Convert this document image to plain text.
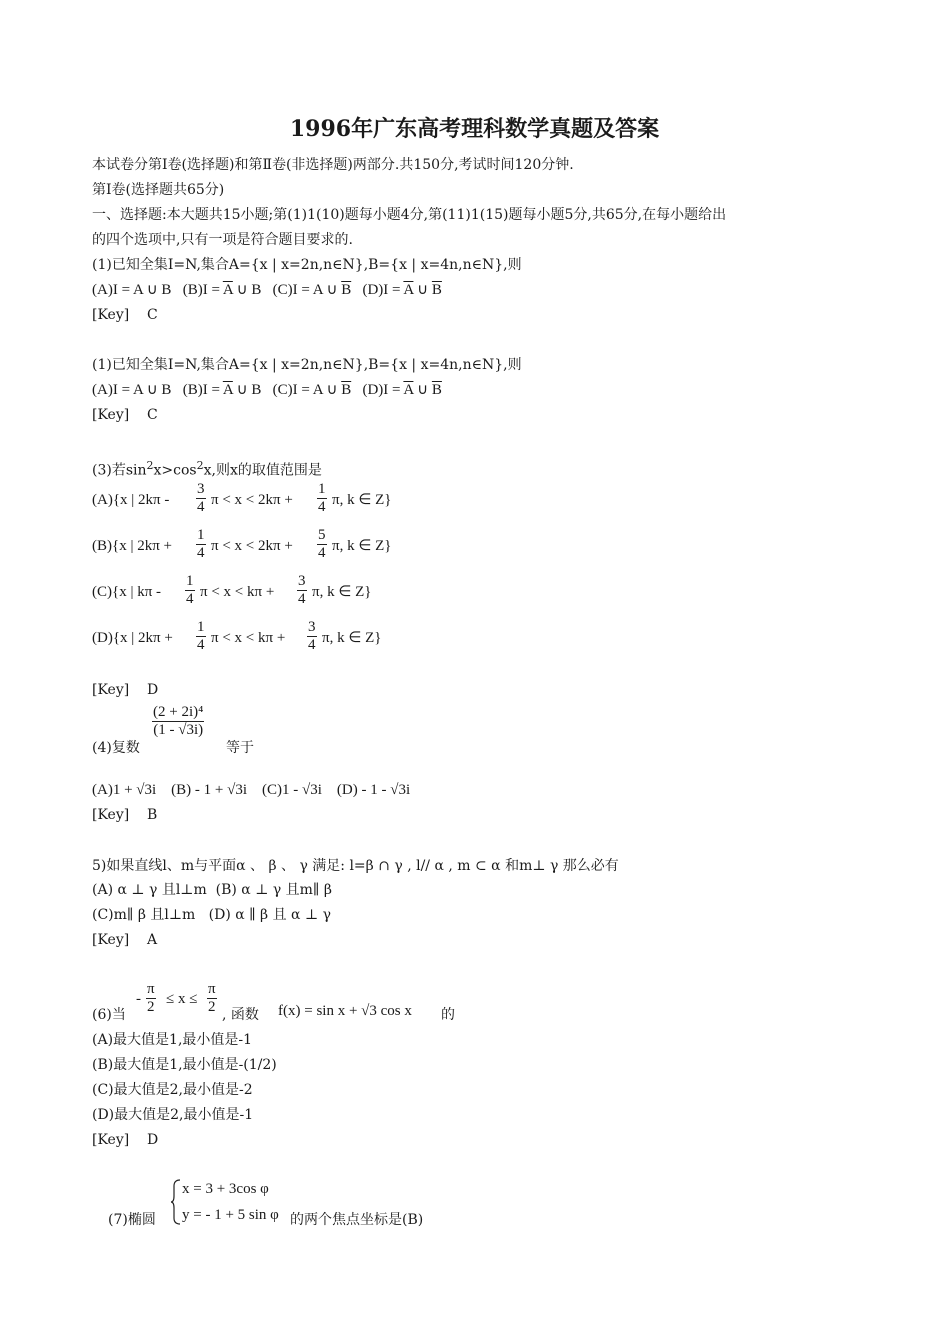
1996年广东高考理科数学真题及答案
本试卷分第Ⅰ卷(选择题)和第Ⅱ卷(非选择题)两部分.共150分,考试时间120分钟.
第Ⅰ卷(选择题共65分)
一、选择题:本大题共15小题;第(1)1(10)题每小题4分,第(11)1(15)题每小题5分,共65分,在每小题给出
的四个选项中,只有一项是符合题目要求的.
(1)已知全集I=N,集合A={x | x=2n,n∈N},B={x | x=4n,n∈N},则
(A)I = A ∪ B $(B)I = \overline{A}$ ∪ B (C)I = A ∪ $\overline{B}$ $(D)I = \overline{A}$ ∪ $\overline{B}$
[Key]    C
(1)已知全集I=N,集合A={x | x=2n,n∈N},B={x | x=4n,n∈N},则
(A)I = A ∪ B $(B)I = \overline{A}$ ∪ B (C)I = A ∪ $\overline{B}$ $(D)I = \overline{A}$ ∪ $\overline{B}$
[Key]    C
(3)若$\sin^2x>\cos^2x$,则x的取值范围是
(A){x | $2k\pi - \frac{3}{4}$ $\pi < x < 2k\pi + \frac{1}{4} \pi$, k ∈ Z}
(B){x | $2k\pi + \frac{1}{4}$ $\pi < x < 2k\pi + \frac{5}{4} \pi$, k ∈ Z}
(C){x | kπ - $\frac{1}{4}$ $\pi < x < k\pi + \frac{3}{4} \pi$, k ∈ Z}
(D){x | $2k\pi + \frac{1}{4}$ $\pi < x < k\pi + \frac{3}{4} \pi$, k ∈ Z}
[Key]    D
$\frac{\text{(2 + 2i)⁴}}{(1 - √3i)}$
(4)复数	等于
(A)1 + √3i    (B) - 1 + √3i    (C)1 - √3i    (D) - 1 - √3i
[Key]    B
5)如果直线l、m与平面α 、 β 、 γ 满足: l=β ∩ γ , l// α , m ⊂ α 和m⊥ γ 那么必有
(A) α ⊥ γ 且l⊥m  (B) α ⊥ γ 且m∥ β
(C)m∥ β 且l⊥m   (D) α ∥ β 且 α ⊥ γ
[Key]    A
(6)当
- $\frac{\pi}{2} \le x \le \frac{\pi}{2}$ , 函数 f(x) = sin x + √3 cos x 的
(A)最大值是1,最小值是-1
(B)最大值是1,最小值是-(1/2)
(C)最大值是2,最小值是-2
(D)最大值是2,最小值是-1
[Key]    D
(7)椭圆
x = 3 + 3cos φ
y = - 1 + 5 sin φ 的两个焦点坐标是(B)
